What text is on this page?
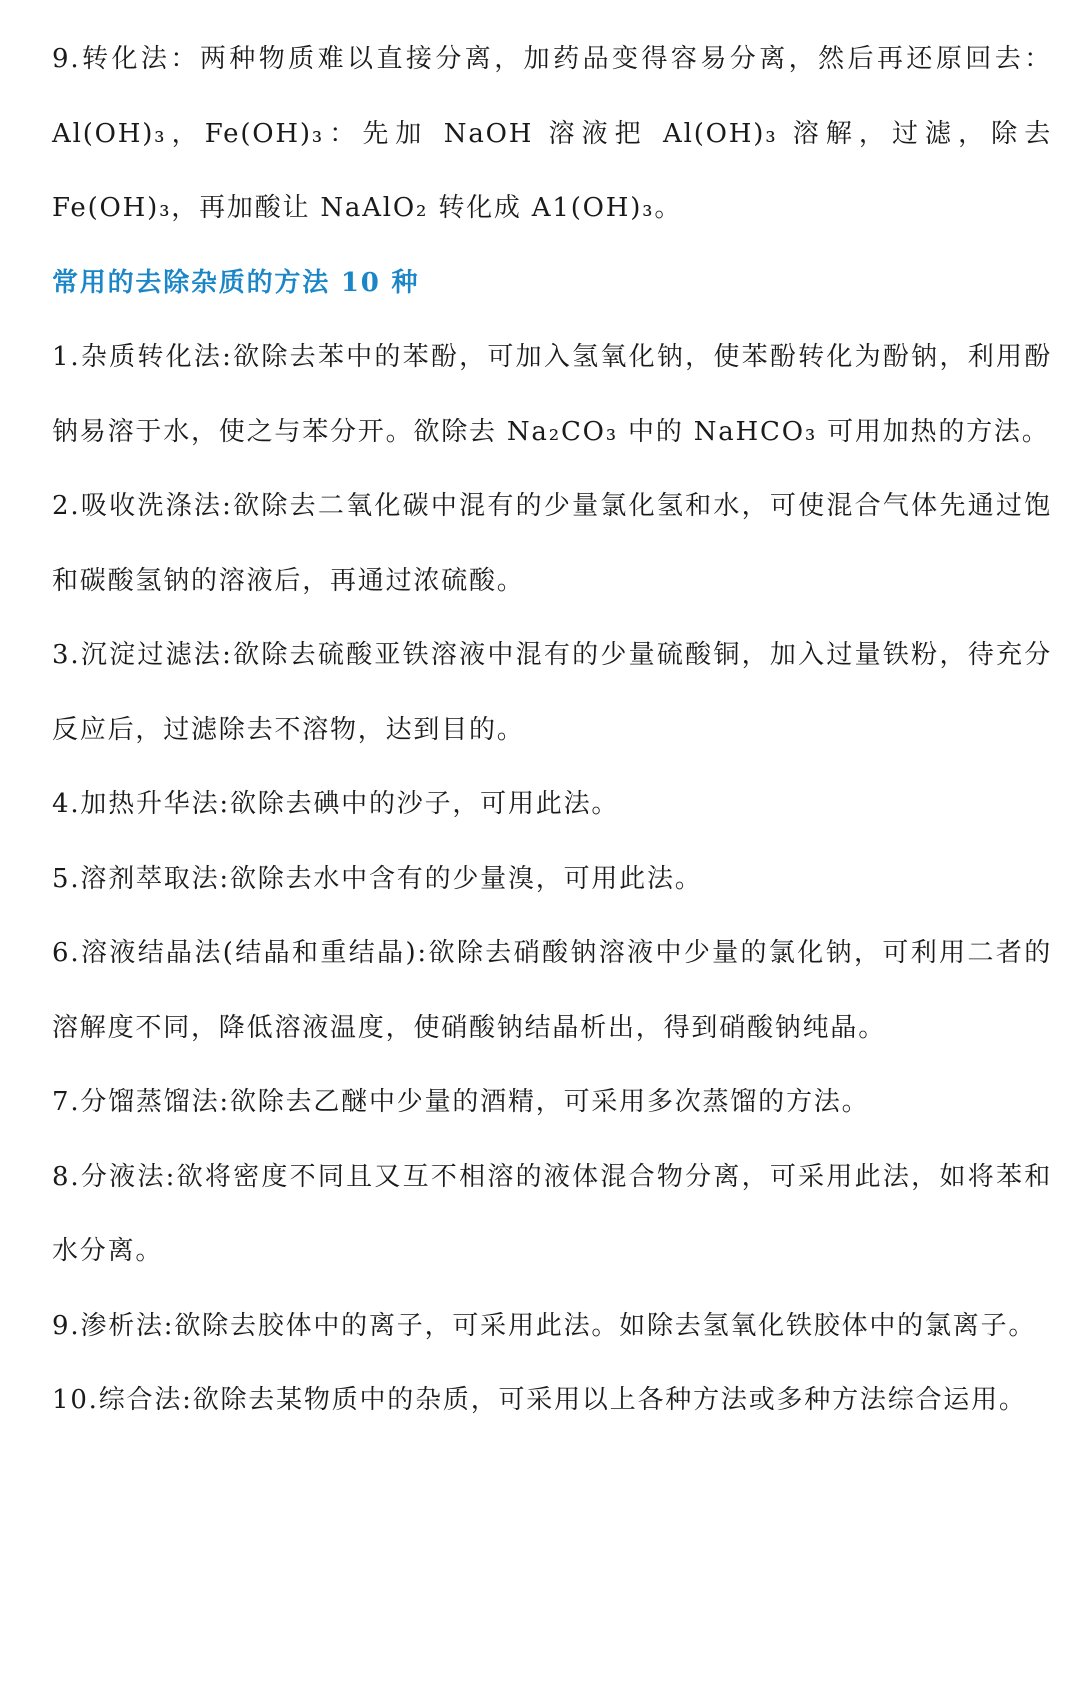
9.转化法：两种物质难以直接分离，加药品变得容易分离，然后再还原回去：Al(OH)₃，Fe(OH)₃：先加 NaOH 溶液把 Al(OH)₃ 溶解，过滤，除去 Fe(OH)₃，再加酸让 NaAlO₂ 转化成 A1(OH)₃。

常用的去除杂质的方法 10 种

1.杂质转化法:欲除去苯中的苯酚，可加入氢氧化钠，使苯酚转化为酚钠，利用酚钠易溶于水，使之与苯分开。欲除去 Na₂CO₃ 中的 NaHCO₃ 可用加热的方法。

2.吸收洗涤法:欲除去二氧化碳中混有的少量氯化氢和水，可使混合气体先通过饱和碳酸氢钠的溶液后，再通过浓硫酸。

3.沉淀过滤法:欲除去硫酸亚铁溶液中混有的少量硫酸铜，加入过量铁粉，待充分反应后，过滤除去不溶物，达到目的。

4.加热升华法:欲除去碘中的沙子，可用此法。

5.溶剂萃取法:欲除去水中含有的少量溴，可用此法。

6.溶液结晶法(结晶和重结晶):欲除去硝酸钠溶液中少量的氯化钠，可利用二者的溶解度不同，降低溶液温度，使硝酸钠结晶析出，得到硝酸钠纯晶。

7.分馏蒸馏法:欲除去乙醚中少量的酒精，可采用多次蒸馏的方法。

8.分液法:欲将密度不同且又互不相溶的液体混合物分离，可采用此法，如将苯和水分离。

9.渗析法:欲除去胶体中的离子，可采用此法。如除去氢氧化铁胶体中的氯离子。

10.综合法:欲除去某物质中的杂质，可采用以上各种方法或多种方法综合运用。
